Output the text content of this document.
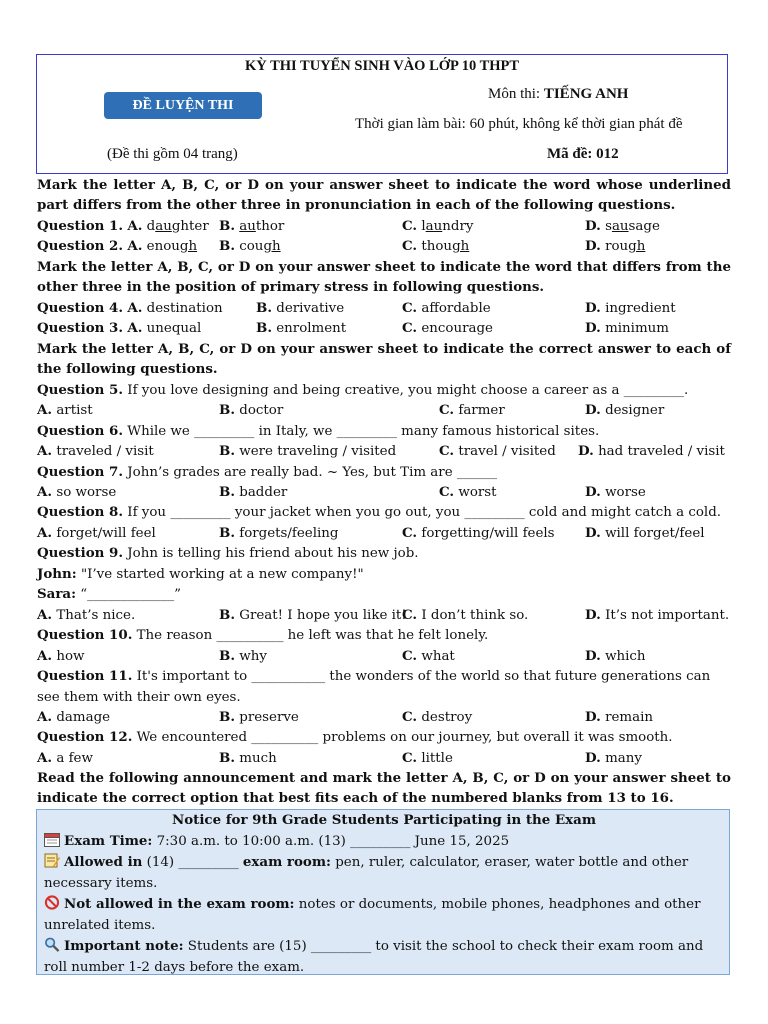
KỲ THI TUYỂN SINH VÀO LỚP 10 THPT
ĐỀ LUYỆN THI
Môn thi: TIẾNG ANH
Thời gian làm bài: 60 phút, không kể thời gian phát đề
(Đề thi gồm 04 trang)	Mã đề: 012
Mark the letter A, B, C, or D on your answer sheet to indicate the word whose underlined part differs from the other three in pronunciation in each of the following questions.
Question 1. A. daughter B. author	C. laundry	D. sausage
Question 2. A. enough B. cough	C. though	D. rough
Mark the letter A, B, C, or D on your answer sheet to indicate the word that differs from the other three in the position of primary stress in following questions.
Question 4. A. destination B. derivative	C. affordable	D. ingredient
Question 3. A. unequal	B. enrolment	C. encourage	D. minimum
Mark the letter A, B, C, or D on your answer sheet to indicate the correct answer to each of the following questions.
Question 5. If you love designing and being creative, you might choose a career as a _________.
A. artist	B. doctor	C. farmer	D. designer
Question 6. While we _________ in Italy, we _________ many famous historical sites.
A. traveled / visit	B. were traveling / visited	C. travel / visited D. had traveled / visit
Question 7. John’s grades are really bad. ~ Yes, but Tim are ______
A. so worse	B. badder	C. worst	D. worse
Question 8. If you _________ your jacket when you go out, you _________ cold and might catch a cold.
A. forget/will feel	B. forgets/feeling	C. forgetting/will feels D. will forget/feel
Question 9. John is telling his friend about his new job.
John: "I’ve started working at a new company!"
Sara: “_____________”
A. That’s nice.	B. Great! I hope you like it!
C. I don’t think so.	D. It’s not important.
Question 10. The reason __________ he left was that he felt lonely.
A. how	B. why	C. what	D. which
Question 11. It's important to ___________ the wonders of the world so that future generations can see them with their own eyes.
A. damage	B. preserve	C. destroy	D. remain
Question 12. We encountered __________ problems on our journey, but overall it was smooth.
A. a few	B. much	C. little	D. many
Read the following announcement and mark the letter A, B, C, or D on your answer sheet to indicate the correct option that best fits each of the numbered blanks from 13 to 16.
Notice for 9th Grade Students Participating in the Exam
Exam Time: 7:30 a.m. to 10:00 a.m. (13) _________ June 15, 2025
Allowed in (14) _________ exam room: pen, ruler, calculator, eraser, water bottle and other necessary items.
Not allowed in the exam room: notes or documents, mobile phones, headphones and other unrelated items.
Important note: Students are (15) _________ to visit the school to check their exam room and roll number 1-2 days before the exam.
